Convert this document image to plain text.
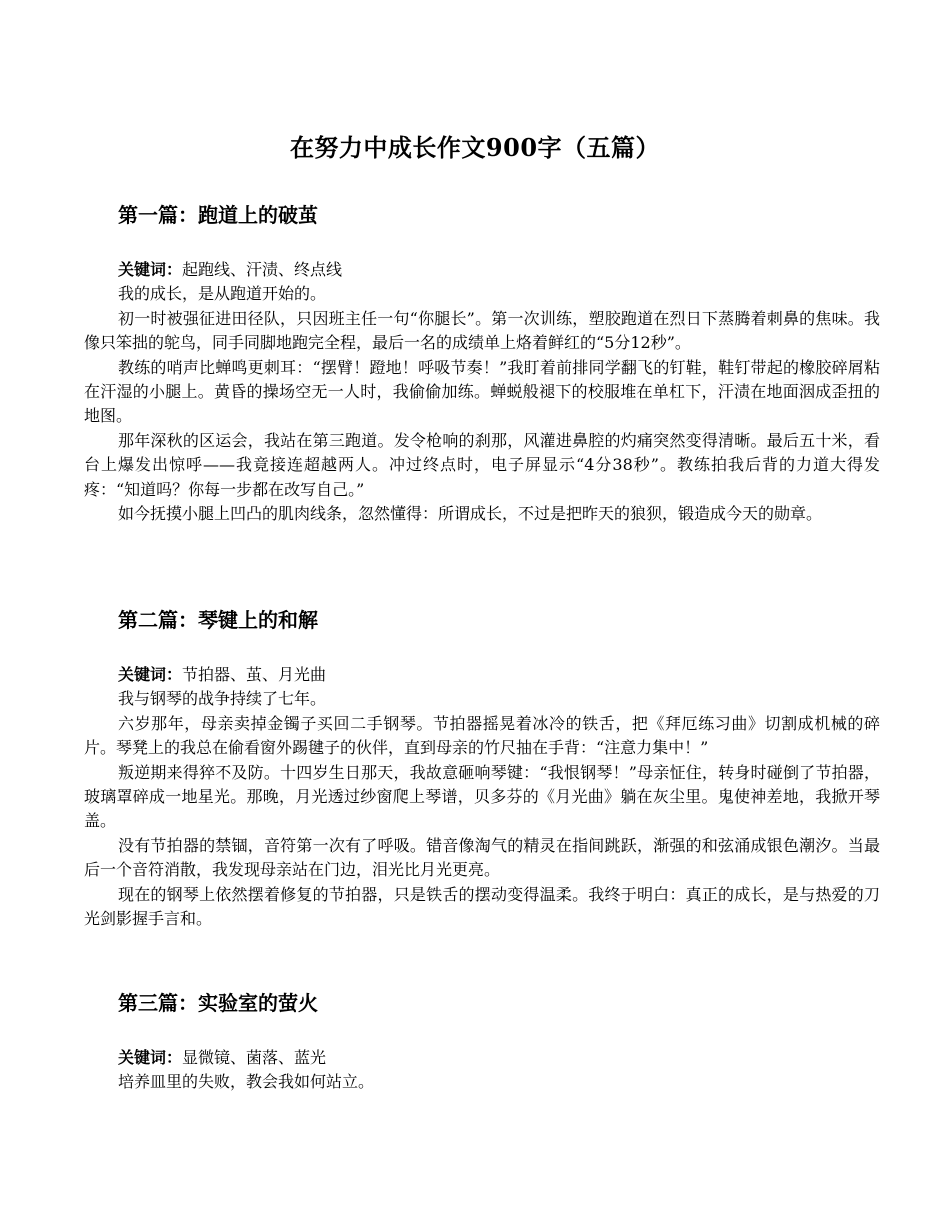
在努力中成长作文900字（五篇）
第一篇：跑道上的破茧

关键词：起跑线、汗渍、终点线

我的成长，是从跑道开始的。

初一时被强征进田径队，只因班主任一句“你腿长”。第一次训练，塑胶跑道在烈日下蒸腾着刺鼻的焦味。我像只笨拙的鸵鸟，同手同脚地跑完全程，最后一名的成绩单上烙着鲜红的“5分12秒”。

教练的哨声比蝉鸣更刺耳：“摆臂！蹬地！呼吸节奏！”我盯着前排同学翻飞的钉鞋，鞋钉带起的橡胶碎屑粘在汗湿的小腿上。黄昏的操场空无一人时，我偷偷加练。蝉蜕般褪下的校服堆在单杠下，汗渍在地面洇成歪扭的地图。

那年深秋的区运会，我站在第三跑道。发令枪响的刹那，风灌进鼻腔的灼痛突然变得清晰。最后五十米，看台上爆发出惊呼——我竟接连超越两人。冲过终点时，电子屏显示“4分38秒”。教练拍我后背的力道大得发疼：“知道吗？你每一步都在改写自己。”

如今抚摸小腿上凹凸的肌肉线条，忽然懂得：所谓成长，不过是把昨天的狼狈，锻造成今天的勋章。

第二篇：琴键上的和解

关键词：节拍器、茧、月光曲

我与钢琴的战争持续了七年。

六岁那年，母亲卖掉金镯子买回二手钢琴。节拍器摇晃着冰冷的铁舌，把《拜厄练习曲》切割成机械的碎片。琴凳上的我总在偷看窗外踢毽子的伙伴，直到母亲的竹尺抽在手背：“注意力集中！”

叛逆期来得猝不及防。十四岁生日那天，我故意砸响琴键：“我恨钢琴！”母亲怔住，转身时碰倒了节拍器，玻璃罩碎成一地星光。那晚，月光透过纱窗爬上琴谱，贝多芬的《月光曲》躺在灰尘里。鬼使神差地，我掀开琴盖。

没有节拍器的禁锢，音符第一次有了呼吸。错音像淘气的精灵在指间跳跃，渐强的和弦涌成银色潮汐。当最后一个音符消散，我发现母亲站在门边，泪光比月光更亮。

现在的钢琴上依然摆着修复的节拍器，只是铁舌的摆动变得温柔。我终于明白：真正的成长，是与热爱的刀光剑影握手言和。

第三篇：实验室的萤火

关键词：显微镜、菌落、蓝光

培养皿里的失败，教会我如何站立。
